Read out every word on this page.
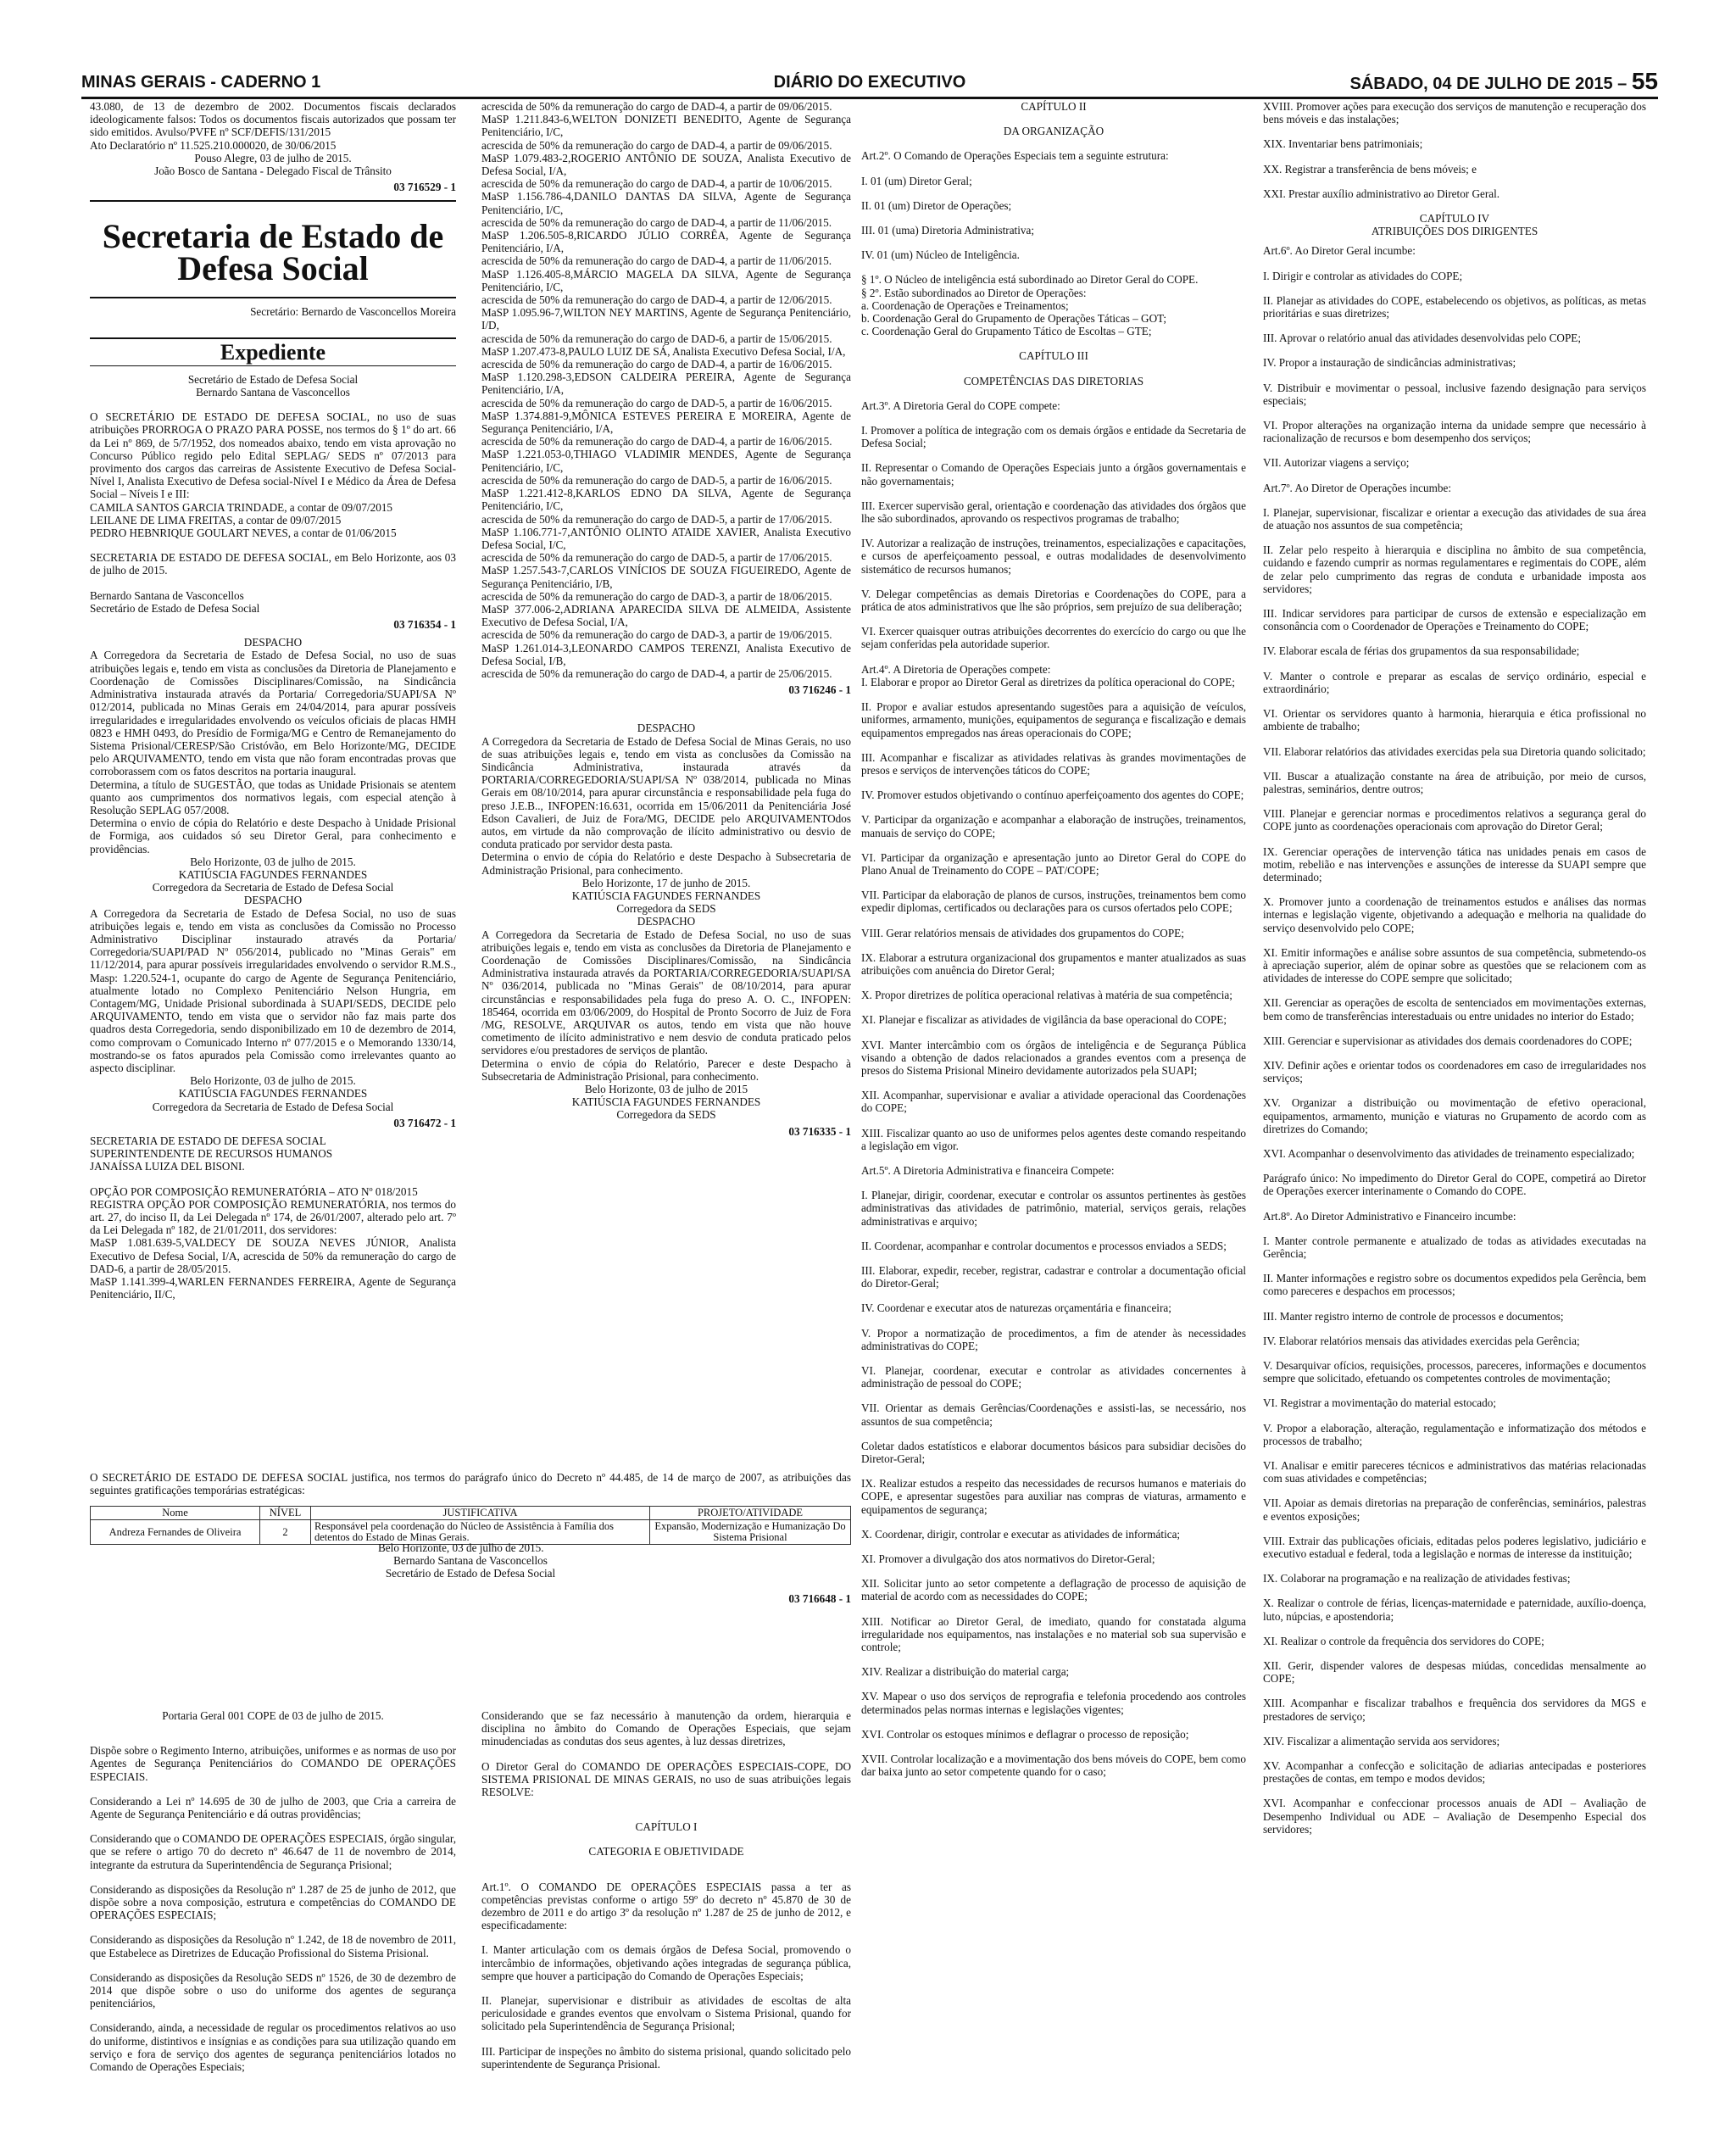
MINAS GERAIS - CADERNO 1	DIÁRIO DO EXECUTIVO	SÁBADO, 04 DE JULHO DE 2015 – 55

43.080, de 13 de dezembro de 2002. Documentos fiscais declarados ideologicamente falsos: Todos os documentos fiscais autorizados que possam ter sido emitidos. Avulso/PVFE nº SCF/DEFIS/131/2015

Ato Declaratório nº 11.525.210.000020, de 30/06/2015

Pouso Alegre, 03 de julho de 2015.

João Bosco de Santana - Delegado Fiscal de Trânsito

03 716529 - 1

Secretaria de Estado de Defesa Social

Secretário: Bernardo de Vasconcellos Moreira

Expediente

Secretário de Estado de Defesa Social

Bernardo Santana de Vasconcellos

O SECRETÁRIO DE ESTADO DE DEFESA SOCIAL, no uso de suas atribuições PRORROGA O PRAZO PARA POSSE, nos termos do § 1º do art. 66 da Lei nº 869, de 5/7/1952, dos nomeados abaixo, tendo em vista aprovação no Concurso Público regido pelo Edital SEPLAG/ SEDS nº 07/2013 para provimento dos cargos das carreiras de Assistente Executivo de Defesa Social-Nível I, Analista Executivo de Defesa social-Nível I e Médico da Área de Defesa Social – Níveis I e III:

CAMILA SANTOS GARCIA TRINDADE, a contar de 09/07/2015

LEILANE DE LIMA FREITAS, a contar de 09/07/2015

PEDRO HEBNRIQUE GOULART NEVES, a contar de 01/06/2015

SECRETARIA DE ESTADO DE DEFESA SOCIAL, em Belo Horizonte, aos 03 de julho de 2015.

Bernardo Santana de Vasconcellos

Secretário de Estado de Defesa Social

03 716354 - 1

DESPACHO

A Corregedora da Secretaria de Estado de Defesa Social, no uso de suas atribuições legais e, tendo em vista as conclusões da Diretoria de Planejamento e Coordenação de Comissões Disciplinares/Comissão, na Sindicância Administrativa instaurada através da Portaria/ Corregedoria/SUAPI/SA Nº 012/2014, publicada no Minas Gerais em 24/04/2014, para apurar possíveis irregularidades e irregularidades envolvendo os veículos oficiais de placas HMH 0823 e HMH 0493, do Presídio de Formiga/MG e Centro de Remanejamento do Sistema Prisional/CERESP/São Cristóvão, em Belo Horizonte/MG, DECIDE pelo ARQUIVAMENTO, tendo em vista que não foram encontradas provas que corroborassem com os fatos descritos na portaria inaugural.

Determina, a título de SUGESTÃO, que todas as Unidade Prisionais se atentem quanto aos cumprimentos dos normativos legais, com especial atenção à Resolução SEPLAG 057/2008.

Determina o envio de cópia do Relatório e deste Despacho à Unidade Prisional de Formiga, aos cuidados só seu Diretor Geral, para conhecimento e providências.

Belo Horizonte, 03 de julho de 2015.

KATIÚSCIA FAGUNDES FERNANDES

Corregedora da Secretaria de Estado de Defesa Social

DESPACHO

A Corregedora da Secretaria de Estado de Defesa Social, no uso de suas atribuições legais e, tendo em vista as conclusões da Comissão no Processo Administrativo Disciplinar instaurado através da Portaria/ Corregedoria/SUAPI/PAD Nº 056/2014, publicado no "Minas Gerais" em 11/12/2014, para apurar possíveis irregularidades envolvendo o servidor R.M.S., Masp: 1.220.524-1, ocupante do cargo de Agente de Segurança Penitenciário, atualmente lotado no Complexo Penitenciário Nelson Hungria, em Contagem/MG, Unidade Prisional subordinada à SUAPI/SEDS, DECIDE pelo ARQUIVAMENTO, tendo em vista que o servidor não faz mais parte dos quadros desta Corregedoria, sendo disponibilizado em 10 de dezembro de 2014, como comprovam o Comunicado Interno nº 077/2015 e o Memorando 1330/14, mostrando-se os fatos apurados pela Comissão como irrelevantes quanto ao aspecto disciplinar.

Belo Horizonte, 03 de julho de 2015.

KATIÚSCIA FAGUNDES FERNANDES

Corregedora da Secretaria de Estado de Defesa Social

03 716472 - 1

SECRETARIA DE ESTADO DE DEFESA SOCIAL

SUPERINTENDENTE DE RECURSOS HUMANOS

JANAÍSSA LUIZA DEL BISONI.

OPÇÃO POR COMPOSIÇÃO REMUNERATÓRIA – ATO Nº 018/2015

REGISTRA OPÇÃO POR COMPOSIÇÃO REMUNERATÓRIA, nos termos do art. 27, do inciso II, da Lei Delegada nº 174, de 26/01/2007, alterado pelo art. 7º da Lei Delegada nº 182, de 21/01/2011, dos servidores:

MaSP 1.081.639-5,VALDECY DE SOUZA NEVES JÚNIOR, Analista Executivo de Defesa Social, I/A, acrescida de 50% da remuneração do cargo de DAD-6, a partir de 28/05/2015.

MaSP 1.141.399-4,WARLEN FERNANDES FERREIRA, Agente de Segurança Penitenciário, II/C,

acrescida de 50% da remuneração do cargo de DAD-4, a partir de 09/06/2015.

MaSP 1.211.843-6,WELTON DONIZETI BENEDITO, Agente de Segurança Penitenciário, I/C,

acrescida de 50% da remuneração do cargo de DAD-4, a partir de 09/06/2015.

MaSP 1.079.483-2,ROGERIO ANTÔNIO DE SOUZA, Analista Executivo de Defesa Social, I/A,

acrescida de 50% da remuneração do cargo de DAD-4, a partir de 10/06/2015.

MaSP 1.156.786-4,DANILO DANTAS DA SILVA, Agente de Segurança Penitenciário, I/C,

acrescida de 50% da remuneração do cargo de DAD-4, a partir de 11/06/2015.

MaSP 1.206.505-8,RICARDO JÚLIO CORRÊA, Agente de Segurança Penitenciário, I/A,

acrescida de 50% da remuneração do cargo de DAD-4, a partir de 11/06/2015.

MaSP 1.126.405-8,MÁRCIO MAGELA DA SILVA, Agente de Segurança Penitenciário, I/C,

acrescida de 50% da remuneração do cargo de DAD-4, a partir de 12/06/2015.

MaSP 1.095.96-7,WILTON NEY MARTINS, Agente de Segurança Penitenciário, I/D,

acrescida de 50% da remuneração do cargo de DAD-6, a partir de 15/06/2015.

MaSP 1.207.473-8,PAULO LUIZ DE SÁ, Analista Executivo Defesa Social, I/A,

acrescida de 50% da remuneração do cargo de DAD-4, a partir de 16/06/2015.

MaSP 1.120.298-3,EDSON CALDEIRA PEREIRA, Agente de Segurança Penitenciário, I/A,

acrescida de 50% da remuneração do cargo de DAD-5, a partir de 16/06/2015.

MaSP 1.374.881-9,MÔNICA ESTEVES PEREIRA E MOREIRA, Agente de Segurança Penitenciário, I/A,

acrescida de 50% da remuneração do cargo de DAD-4, a partir de 16/06/2015.

MaSP 1.221.053-0,THIAGO VLADIMIR MENDES, Agente de Segurança Penitenciário, I/C,

acrescida de 50% da remuneração do cargo de DAD-5, a partir de 16/06/2015.

MaSP 1.221.412-8,KARLOS EDNO DA SILVA, Agente de Segurança Penitenciário, I/C,

acrescida de 50% da remuneração do cargo de DAD-5, a partir de 17/06/2015.

MaSP 1.106.771-7,ANTÔNIO OLINTO ATAIDE XAVIER, Analista Executivo Defesa Social, I/C,

acrescida de 50% da remuneração do cargo de DAD-5, a partir de 17/06/2015.

MaSP 1.257.543-7,CARLOS VINÍCIOS DE SOUZA FIGUEIREDO, Agente de Segurança Penitenciário, I/B,

acrescida de 50% da remuneração do cargo de DAD-3, a partir de 18/06/2015.

MaSP 377.006-2,ADRIANA APARECIDA SILVA DE ALMEIDA, Assistente Executivo de Defesa Social, I/A,

acrescida de 50% da remuneração do cargo de DAD-3, a partir de 19/06/2015.

MaSP 1.261.014-3,LEONARDO CAMPOS TERENZI, Analista Executivo de Defesa Social, I/B,

acrescida de 50% da remuneração do cargo de DAD-4, a partir de 25/06/2015.

03 716246 - 1

DESPACHO

A Corregedora da Secretaria de Estado de Defesa Social de Minas Gerais, no uso de suas atribuições legais e, tendo em vista as conclusões da Comissão na Sindicância Administrativa, instaurada através da PORTARIA/CORREGEDORIA/SUAPI/SA Nº 038/2014, publicada no Minas Gerais em 08/10/2014, para apurar circunstância e responsabilidade pela fuga do preso J.E.B.., INFOPEN:16.631, ocorrida em 15/06/2011 da Penitenciária José Edson Cavalieri, de Juiz de Fora/MG, DECIDE pelo ARQUIVAMENTOdos autos, em virtude da não comprovação de ilícito administrativo ou desvio de conduta praticado por servidor desta pasta.

Determina o envio de cópia do Relatório e deste Despacho à Subsecretaria de Administração Prisional, para conhecimento.

Belo Horizonte, 17 de junho de 2015.

KATIÚSCIA FAGUNDES FERNANDES

Corregedora da SEDS

DESPACHO

A Corregedora da Secretaria de Estado de Defesa Social, no uso de suas atribuições legais e, tendo em vista as conclusões da Diretoria de Planejamento e Coordenação de Comissões Disciplinares/Comissão, na Sindicância Administrativa instaurada através da PORTARIA/CORREGEDORIA/SUAPI/SA Nº 036/2014, publicada no "Minas Gerais" de 08/10/2014, para apurar circunstâncias e responsabilidades pela fuga do preso A. O. C., INFOPEN: 185464, ocorrida em 03/06/2009, do Hospital de Pronto Socorro de Juiz de Fora /MG, RESOLVE, ARQUIVAR os autos, tendo em vista que não houve cometimento de ilícito administrativo e nem desvio de conduta praticado pelos servidores e/ou prestadores de serviços de plantão.

Determina o envio de cópia do Relatório, Parecer e deste Despacho à Subsecretaria de Administração Prisional, para conhecimento.

Belo Horizonte, 03 de julho de 2015

KATIÚSCIA FAGUNDES FERNANDES

Corregedora da SEDS

03 716335 - 1

O SECRETÁRIO DE ESTADO DE DEFESA SOCIAL justifica, nos termos do parágrafo único do Decreto nº 44.485, de 14 de março de 2007, as atribuições das seguintes gratificações temporárias estratégicas:

Nome	NÍVEL	JUSTIFICATIVA	PROJETO/ATIVIDADE
Andreza Fernandes de Oliveira	2	Responsável pela coordenação do Núcleo de Assistência à Família dos detentos do Estado de Minas Gerais.	Expansão, Modernização e Humanização Do Sistema Prisional

Belo Horizonte, 03 de julho de 2015.

Bernardo Santana de Vasconcellos

Secretário de Estado de Defesa Social

03 716648 - 1

Portaria Geral 001 COPE de 03 de julho de 2015.

Dispõe sobre o Regimento Interno, atribuições, uniformes e as normas de uso por Agentes de Segurança Penitenciários do COMANDO DE OPERAÇÕES ESPECIAIS.

Considerando a Lei nº 14.695 de 30 de julho de 2003, que Cria a carreira de Agente de Segurança Penitenciário e dá outras providências;

Considerando que o COMANDO DE OPERAÇÕES ESPECIAIS, órgão singular, que se refere o artigo 70 do decreto nº 46.647 de 11 de novembro de 2014, integrante da estrutura da Superintendência de Segurança Prisional;

Considerando as disposições da Resolução nº 1.287 de 25 de junho de 2012, que dispõe sobre a nova composição, estrutura e competências do COMANDO DE OPERAÇÕES ESPECIAIS;

Considerando as disposições da Resolução nº 1.242, de 18 de novembro de 2011, que Estabelece as Diretrizes de Educação Profissional do Sistema Prisional.

Considerando as disposições da Resolução SEDS nº 1526, de 30 de dezembro de 2014 que dispõe sobre o uso do uniforme dos agentes de segurança penitenciários,

Considerando, ainda, a necessidade de regular os procedimentos relativos ao uso do uniforme, distintivos e insígnias e as condições para sua utilização quando em serviço e fora de serviço dos agentes de segurança penitenciários lotados no Comando de Operações Especiais;

Considerando que se faz necessário à manutenção da ordem, hierarquia e disciplina no âmbito do Comando de Operações Especiais, que sejam minudenciadas as condutas dos seus agentes, à luz dessas diretrizes,

O Diretor Geral do COMANDO DE OPERAÇÕES ESPECIAIS-COPE, DO SISTEMA PRISIONAL DE MINAS GERAIS, no uso de suas atribuições legais RESOLVE:

CAPÍTULO I

CATEGORIA E OBJETIVIDADE

Art.1º. O COMANDO DE OPERAÇÕES ESPECIAIS passa a ter as competências previstas conforme o artigo 59º do decreto nº 45.870 de 30 de dezembro de 2011 e do artigo 3º da resolução nº 1.287 de 25 de junho de 2012, e especificadamente:

I. Manter articulação com os demais órgãos de Defesa Social, promovendo o intercâmbio de informações, objetivando ações integradas de segurança pública, sempre que houver a participação do Comando de Operações Especiais;

II. Planejar, supervisionar e distribuir as atividades de escoltas de alta periculosidade e grandes eventos que envolvam o Sistema Prisional, quando for solicitado pela Superintendência de Segurança Prisional;

III. Participar de inspeções no âmbito do sistema prisional, quando solicitado pelo superintendente de Segurança Prisional.

CAPÍTULO II

DA ORGANIZAÇÃO

Art.2º. O Comando de Operações Especiais tem a seguinte estrutura:

I. 01 (um) Diretor Geral;

II. 01 (um) Diretor de Operações;

III. 01 (uma) Diretoria Administrativa;

IV. 01 (um) Núcleo de Inteligência.

§ 1º. O Núcleo de inteligência está subordinado ao Diretor Geral do COPE.

§ 2º. Estão subordinados ao Diretor de Operações:

a. Coordenação de Operações e Treinamentos;

b. Coordenação Geral do Grupamento de Operações Táticas – GOT;

c. Coordenação Geral do Grupamento Tático de Escoltas – GTE;

CAPÍTULO III

COMPETÊNCIAS DAS DIRETORIAS

Art.3º. A Diretoria Geral do COPE compete:

I. Promover a política de integração com os demais órgãos e entidade da Secretaria de Defesa Social;

II. Representar o Comando de Operações Especiais junto a órgãos governamentais e não governamentais;

III. Exercer supervisão geral, orientação e coordenação das atividades dos órgãos que lhe são subordinados, aprovando os respectivos programas de trabalho;

IV. Autorizar a realização de instruções, treinamentos, especializações e capacitações, e cursos de aperfeiçoamento pessoal, e outras modalidades de desenvolvimento sistemático de recursos humanos;

V. Delegar competências as demais Diretorias e Coordenações do COPE, para a prática de atos administrativos que lhe são próprios, sem prejuízo de sua deliberação;

VI. Exercer quaisquer outras atribuições decorrentes do exercício do cargo ou que lhe sejam conferidas pela autoridade superior.

Art.4º. A Diretoria de Operações compete:
I. Elaborar e propor ao Diretor Geral as diretrizes da política operacional do COPE;

II. Propor e avaliar estudos apresentando sugestões para a aquisição de veículos, uniformes, armamento, munições, equipamentos de segurança e fiscalização e demais equipamentos empregados nas áreas operacionais do COPE;

III. Acompanhar e fiscalizar as atividades relativas às grandes movimentações de presos e serviços de intervenções táticos do COPE;

IV. Promover estudos objetivando o contínuo aperfeiçoamento dos agentes do COPE;

V. Participar da organização e acompanhar a elaboração de instruções, treinamentos, manuais de serviço do COPE;

VI. Participar da organização e apresentação junto ao Diretor Geral do COPE do Plano Anual de Treinamento do COPE – PAT/COPE;

VII. Participar da elaboração de planos de cursos, instruções, treinamentos bem como expedir diplomas, certificados ou declarações para os cursos ofertados pelo COPE;

VIII. Gerar relatórios mensais de atividades dos grupamentos do COPE;

IX. Elaborar a estrutura organizacional dos grupamentos e manter atualizados as suas atribuições com anuência do Diretor Geral;

X. Propor diretrizes de política operacional relativas à matéria de sua competência;

XI. Planejar e fiscalizar as atividades de vigilância da base operacional do COPE;

XVI. Manter intercâmbio com os órgãos de inteligência e de Segurança Pública visando a obtenção de dados relacionados a grandes eventos com a presença de presos do Sistema Prisional Mineiro devidamente autorizados pela SUAPI;

XII. Acompanhar, supervisionar e avaliar a atividade operacional das Coordenações do COPE;

XIII. Fiscalizar quanto ao uso de uniformes pelos agentes deste comando respeitando a legislação em vigor.

Art.5º. A Diretoria Administrativa e financeira Compete:

I. Planejar, dirigir, coordenar, executar e controlar os assuntos pertinentes às gestões administrativas das atividades de patrimônio, material, serviços gerais, relações administrativas e arquivo;

II. Coordenar, acompanhar e controlar documentos e processos enviados a SEDS;

III. Elaborar, expedir, receber, registrar, cadastrar e controlar a documentação oficial do Diretor-Geral;

IV. Coordenar e executar atos de naturezas orçamentária e financeira;

V. Propor a normatização de procedimentos, a fim de atender às necessidades administrativas do COPE;

VI. Planejar, coordenar, executar e controlar as atividades concernentes à administração de pessoal do COPE;

VII. Orientar as demais Gerências/Coordenações e assisti-las, se necessário, nos assuntos de sua competência;

Coletar dados estatísticos e elaborar documentos básicos para subsidiar decisões do Diretor-Geral;

IX. Realizar estudos a respeito das necessidades de recursos humanos e materiais do COPE, e apresentar sugestões para auxiliar nas compras de viaturas, armamento e equipamentos de segurança;

X. Coordenar, dirigir, controlar e executar as atividades de informática;

XI. Promover a divulgação dos atos normativos do Diretor-Geral;

XII. Solicitar junto ao setor competente a deflagração de processo de aquisição de material de acordo com as necessidades do COPE;

XIII. Notificar ao Diretor Geral, de imediato, quando for constatada alguma irregularidade nos equipamentos, nas instalações e no material sob sua supervisão e controle;

XIV. Realizar a distribuição do material carga;

XV. Mapear o uso dos serviços de reprografia e telefonia procedendo aos controles determinados pelas normas internas e legislações vigentes;

XVI. Controlar os estoques mínimos e deflagrar o processo de reposição;

XVII. Controlar localização e a movimentação dos bens móveis do COPE, bem como dar baixa junto ao setor competente quando for o caso;

XVIII. Promover ações para execução dos serviços de manutenção e recuperação dos bens móveis e das instalações;

XIX. Inventariar bens patrimoniais;

XX. Registrar a transferência de bens móveis; e

XXI. Prestar auxílio administrativo ao Diretor Geral.

CAPÍTULO IV

ATRIBUIÇÕES DOS DIRIGENTES

Art.6º. Ao Diretor Geral incumbe:

I. Dirigir e controlar as atividades do COPE;

II. Planejar as atividades do COPE, estabelecendo os objetivos, as políticas, as metas prioritárias e suas diretrizes;

III. Aprovar o relatório anual das atividades desenvolvidas pelo COPE;

IV. Propor a instauração de sindicâncias administrativas;

V. Distribuir e movimentar o pessoal, inclusive fazendo designação para serviços especiais;

VI. Propor alterações na organização interna da unidade sempre que necessário à racionalização de recursos e bom desempenho dos serviços;

VII. Autorizar viagens a serviço;

Art.7º. Ao Diretor de Operações incumbe:

I. Planejar, supervisionar, fiscalizar e orientar a execução das atividades de sua área de atuação nos assuntos de sua competência;

II. Zelar pelo respeito à hierarquia e disciplina no âmbito de sua competência, cuidando e fazendo cumprir as normas regulamentares e regimentais do COPE, além de zelar pelo cumprimento das regras de conduta e urbanidade imposta aos servidores;

III. Indicar servidores para participar de cursos de extensão e especialização em consonância com o Coordenador de Operações e Treinamento do COPE;

IV. Elaborar escala de férias dos grupamentos da sua responsabilidade;

V. Manter o controle e preparar as escalas de serviço ordinário, especial e extraordinário;

VI. Orientar os servidores quanto à harmonia, hierarquia e ética profissional no ambiente de trabalho;

VII. Elaborar relatórios das atividades exercidas pela sua Diretoria quando solicitado;

VII. Buscar a atualização constante na área de atribuição, por meio de cursos, palestras, seminários, dentre outros;

VIII. Planejar e gerenciar normas e procedimentos relativos a segurança geral do COPE junto as coordenações operacionais com aprovação do Diretor Geral;

IX. Gerenciar operações de intervenção tática nas unidades penais em casos de motim, rebelião e nas intervenções e assunções de interesse da SUAPI sempre que determinado;

X. Promover junto a coordenação de treinamentos estudos e análises das normas internas e legislação vigente, objetivando a adequação e melhoria na qualidade do serviço desenvolvido pelo COPE;

XI. Emitir informações e análise sobre assuntos de sua competência, submetendo-os à apreciação superior, além de opinar sobre as questões que se relacionem com as atividades de interesse do COPE sempre que solicitado;

XII. Gerenciar as operações de escolta de sentenciados em movimentações externas, bem como de transferências interestaduais ou entre unidades no interior do Estado;

XIII. Gerenciar e supervisionar as atividades dos demais coordenadores do COPE;

XIV. Definir ações e orientar todos os coordenadores em caso de irregularidades nos serviços;

XV. Organizar a distribuição ou movimentação de efetivo operacional, equipamentos, armamento, munição e viaturas no Grupamento de acordo com as diretrizes do Comando;

XVI. Acompanhar o desenvolvimento das atividades de treinamento especializado;

Parágrafo único: No impedimento do Diretor Geral do COPE, competirá ao Diretor de Operações exercer interinamente o Comando do COPE.

Art.8º. Ao Diretor Administrativo e Financeiro incumbe:

I. Manter controle permanente e atualizado de todas as atividades executadas na Gerência;

II. Manter informações e registro sobre os documentos expedidos pela Gerência, bem como pareceres e despachos em processos;

III. Manter registro interno de controle de processos e documentos;

IV. Elaborar relatórios mensais das atividades exercidas pela Gerência;

V. Desarquivar ofícios, requisições, processos, pareceres, informações e documentos sempre que solicitado, efetuando os competentes controles de movimentação;

VI. Registrar a movimentação do material estocado;

V. Propor a elaboração, alteração, regulamentação e informatização dos métodos e processos de trabalho;

VI. Analisar e emitir pareceres técnicos e administrativos das matérias relacionadas com suas atividades e competências;

VII. Apoiar as demais diretorias na preparação de conferências, seminários, palestras e eventos exposições;

VIII. Extrair das publicações oficiais, editadas pelos poderes legislativo, judiciário e executivo estadual e federal, toda a legislação e normas de interesse da instituição;

IX. Colaborar na programação e na realização de atividades festivas;

X. Realizar o controle de férias, licenças-maternidade e paternidade, auxílio-doença, luto, núpcias, e apostendoria;

XI. Realizar o controle da frequência dos servidores do COPE;

XII. Gerir, dispender valores de despesas miúdas, concedidas mensalmente ao COPE;

XIII. Acompanhar e fiscalizar trabalhos e frequência dos servidores da MGS e prestadores de serviço;

XIV. Fiscalizar a alimentação servida aos servidores;

XV. Acompanhar a confecção e solicitação de adiarias antecipadas e posteriores prestações de contas, em tempo e modos devidos;

XVI. Acompanhar e confeccionar processos anuais de ADI – Avaliação de Desempenho Individual ou ADE – Avaliação de Desempenho Especial dos servidores;
